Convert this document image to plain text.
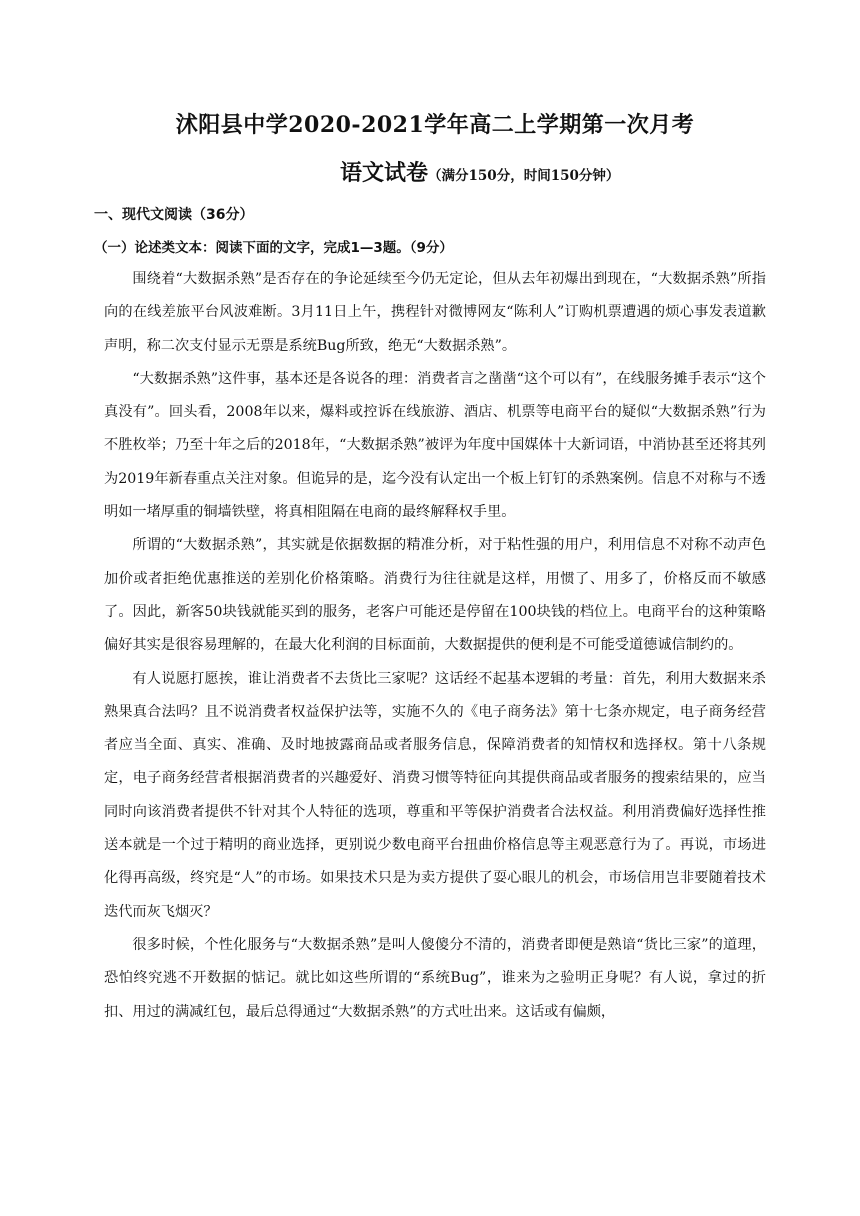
沭阳县中学2020-2021学年高二上学期第一次月考
语文试卷（满分150分，时间150分钟）
一、现代文阅读（36分）
（一）论述类文本：阅读下面的文字，完成1—3题。（9分）

围绕着“大数据杀熟”是否存在的争论延续至今仍无定论，但从去年初爆出到现在，“大数据杀熟”所指向的在线差旅平台风波难断。3月11日上午，携程针对微博网友“陈利人”订购机票遭遇的烦心事发表道歉声明，称二次支付显示无票是系统Bug所致，绝无“大数据杀熟”。

“大数据杀熟”这件事，基本还是各说各的理：消费者言之凿凿“这个可以有”，在线服务摊手表示“这个真没有”。回头看，2008年以来，爆料或控诉在线旅游、酒店、机票等电商平台的疑似“大数据杀熟”行为不胜枚举；乃至十年之后的2018年，“大数据杀熟”被评为年度中国媒体十大新词语，中消协甚至还将其列为2019年新春重点关注对象。但诡异的是，迄今没有认定出一个板上钉钉的杀熟案例。信息不对称与不透明如一堵厚重的铜墙铁壁，将真相阻隔在电商的最终解释权手里。

所谓的“大数据杀熟”，其实就是依据数据的精准分析，对于粘性强的用户，利用信息不对称不动声色加价或者拒绝优惠推送的差别化价格策略。消费行为往往就是这样，用惯了、用多了，价格反而不敏感了。因此，新客50块钱就能买到的服务，老客户可能还是停留在100块钱的档位上。电商平台的这种策略偏好其实是很容易理解的，在最大化利润的目标面前，大数据提供的便利是不可能受道德诚信制约的。

有人说愿打愿挨，谁让消费者不去货比三家呢？这话经不起基本逻辑的考量：首先，利用大数据来杀熟果真合法吗？且不说消费者权益保护法等，实施不久的《电子商务法》第十七条亦规定，电子商务经营者应当全面、真实、准确、及时地披露商品或者服务信息，保障消费者的知情权和选择权。第十八条规定，电子商务经营者根据消费者的兴趣爱好、消费习惯等特征向其提供商品或者服务的搜索结果的，应当同时向该消费者提供不针对其个人特征的选项，尊重和平等保护消费者合法权益。利用消费偏好选择性推送本就是一个过于精明的商业选择，更别说少数电商平台扭曲价格信息等主观恶意行为了。再说，市场进化得再高级，终究是“人”的市场。如果技术只是为卖方提供了耍心眼儿的机会，市场信用岂非要随着技术迭代而灰飞烟灭？

很多时候，个性化服务与“大数据杀熟”是叫人傻傻分不清的，消费者即便是熟谙“货比三家”的道理，恐怕终究逃不开数据的惦记。就比如这些所谓的“系统Bug”，谁来为之验明正身呢？有人说，拿过的折扣、用过的满减红包，最后总得通过“大数据杀熟”的方式吐出来。这话或有偏颇，
